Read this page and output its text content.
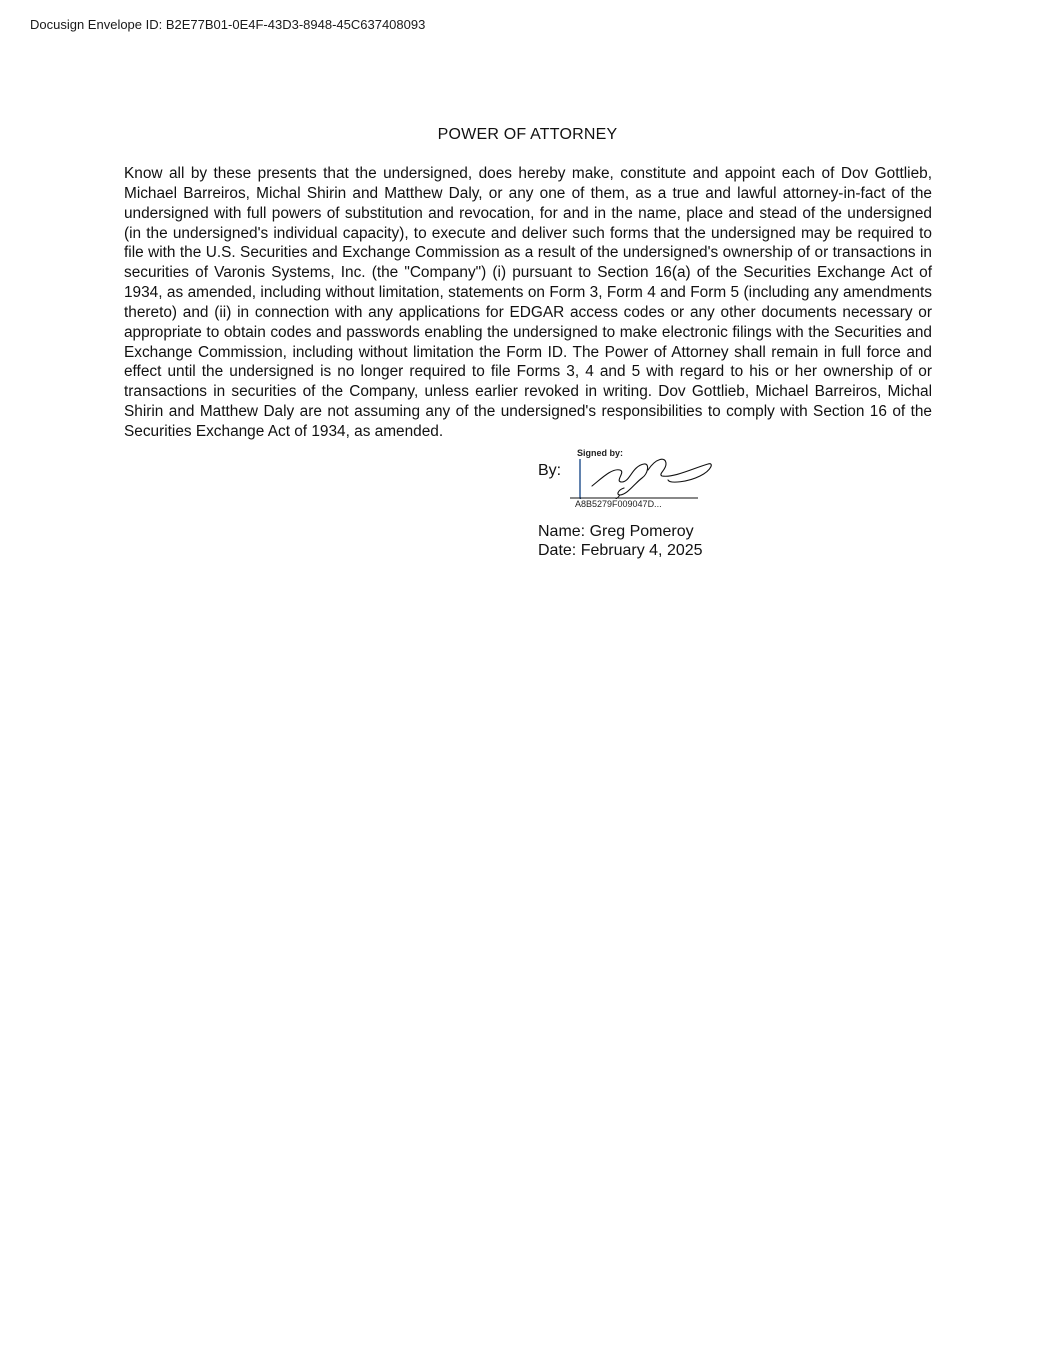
Docusign Envelope ID: B2E77B01-0E4F-43D3-8948-45C637408093
POWER OF ATTORNEY

Know all by these presents that the undersigned, does hereby make, constitute and appoint each of Dov Gottlieb, Michael Barreiros, Michal Shirin and Matthew Daly, or any one of them, as a true and lawful attorney-in-fact of the undersigned with full powers of substitution and revocation, for and in the name, place and stead of the undersigned (in the undersigned's individual capacity), to execute and deliver such forms that the undersigned may be required to file with the U.S. Securities and Exchange Commission as a result of the undersigned's ownership of or transactions in securities of Varonis Systems, Inc. (the "Company") (i) pursuant to Section 16(a) of the Securities Exchange Act of 1934, as amended, including without limitation, statements on Form 3, Form 4 and Form 5 (including any amendments thereto) and (ii) in connection with any applications for EDGAR access codes or any other documents necessary or appropriate to obtain codes and passwords enabling the undersigned to make electronic filings with the Securities and Exchange Commission, including without limitation the Form ID. The Power of Attorney shall remain in full force and effect until the undersigned is no longer required to file Forms 3, 4 and 5 with regard to his or her ownership of or transactions in securities of the Company, unless earlier revoked in writing. Dov Gottlieb, Michael Barreiros, Michal Shirin and Matthew Daly are not assuming any of the undersigned's responsibilities to comply with Section 16 of the Securities Exchange Act of 1934, as amended.

By:
Signed by:
A8B5279F009047D...
Name: Greg Pomeroy
Date: February 4, 2025
